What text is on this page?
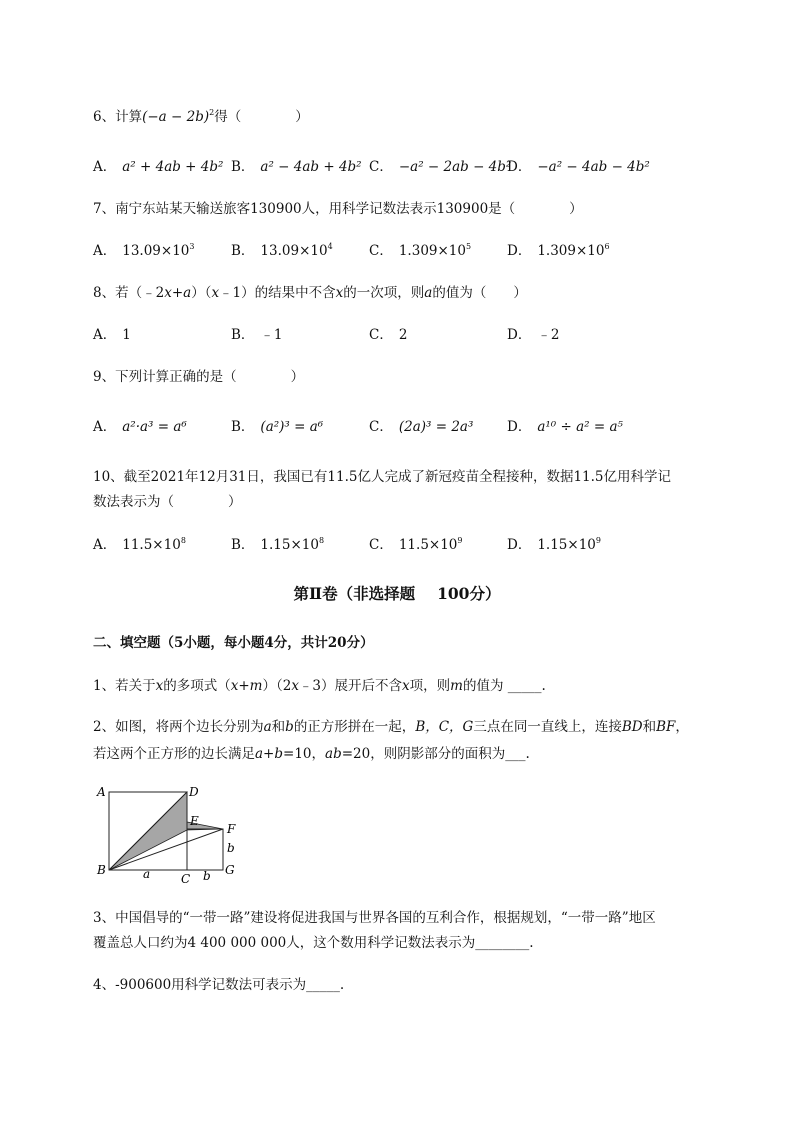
6、计算$(-a - 2b)^2$得（　　　　）
A． a² + 4ab + 4b² B． a² − 4ab + 4b² C． −a² − 2ab − 4b²
D． −a² − 4ab − 4b²
7、南宁东站某天输送旅客130900人，用科学记数法表示130900是（　　　　）
A． $13.09\times 10^3$	B． $13.09\times 10^4$	C． $1.309\times 10^5$	D． $1.309\times 10^6$
8、若（﹣2x+a）（x﹣1）的结果中不含x的一次项，则a的值为（　　）
A． 1	B． ﹣1	C． 2	D． ﹣2
9、下列计算正确的是（　　　　）
A． a²·a³ = a⁶	B． (a²)³ = a⁶	C． (2a)³ = 2a³ D． a¹⁰ ÷ a² = a⁵
10、截至2021年12月31日，我国已有11.5亿人完成了新冠疫苗全程接种，数据11.5亿用科学记
数法表示为（　　　　）
A． $11.5\times 10^8$	B． $1.15\times 10^8$	C． $11.5\times 10^9$	D． $1.15\times 10^9$
第Ⅱ卷（非选择题 100分）
二、填空题（5小题，每小题4分，共计20分）
1、若关于x的多项式（x+m）（2x﹣3）展开后不含x项，则m的值为 _____.
2、如图，将两个边长分别为a和b的正方形拼在一起，B，C，G三点在同一直线上，连接BD和BF，
若这两个正方形的边长满足a+b=10，ab=20，则阴影部分的面积为___.
A	D
E
F
b
B	a	C b G
3、中国倡导的“一带一路”建设将促进我国与世界各国的互利合作，根据规划，“一带一路”地区
覆盖总人口约为4 400 000 000人，这个数用科学记数法表示为________.
4、-900600用科学记数法可表示为_____.
